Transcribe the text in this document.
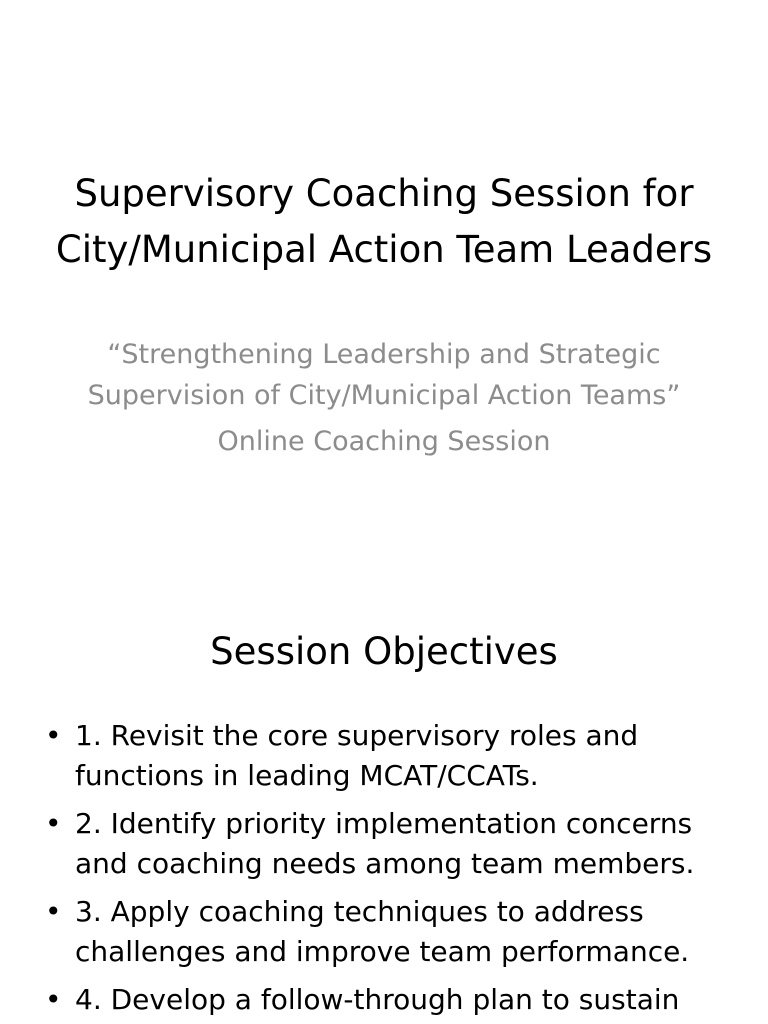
Supervisory Coaching Session for City/Municipal Action Team Leaders

“Strengthening Leadership and Strategic Supervision of City/Municipal Action Teams”

Online Coaching Session

Session Objectives
• 1. Revisit the core supervisory roles and functions in leading MCAT/CCATs.
• 2. Identify priority implementation concerns and coaching needs among team members.
• 3. Apply coaching techniques to address challenges and improve team performance.
• 4. Develop a follow-through plan to sustain
